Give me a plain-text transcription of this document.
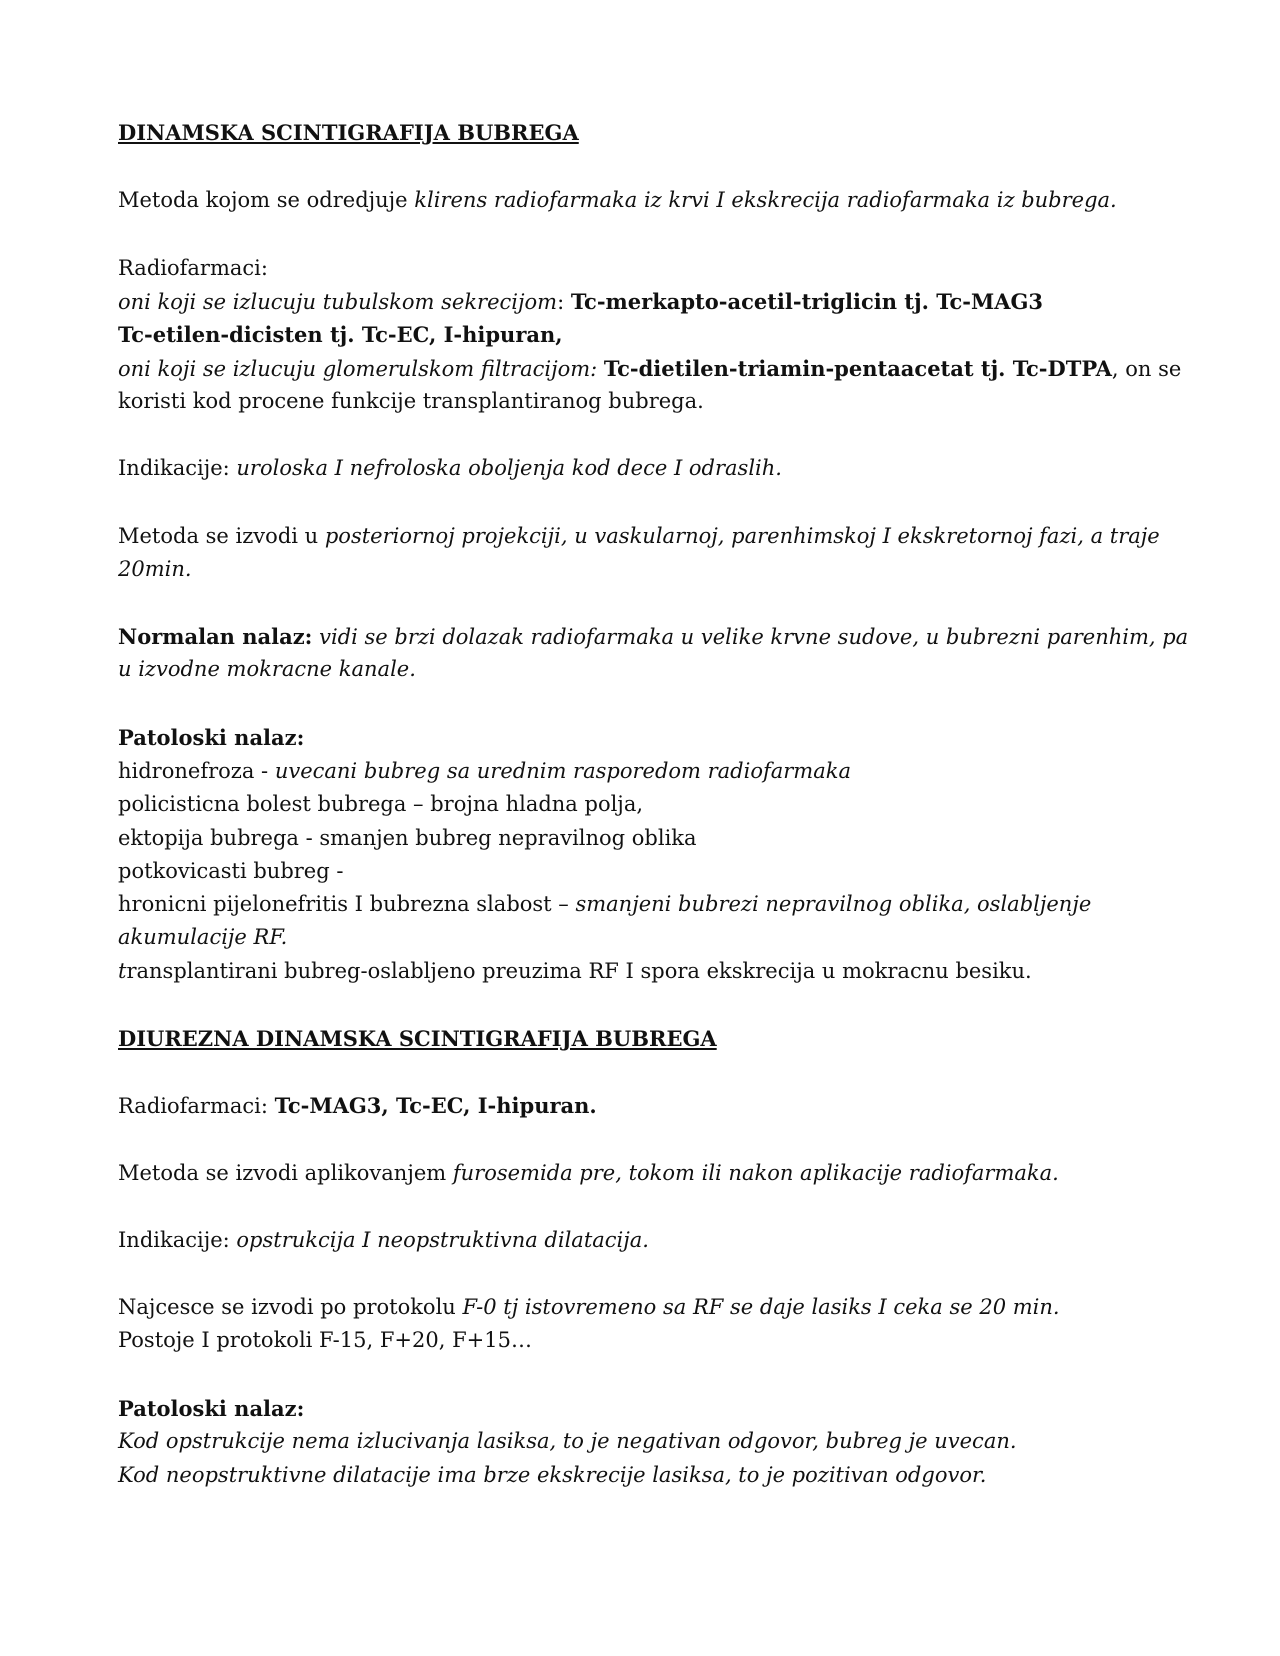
DINAMSKA SCINTIGRAFIJA BUBREGA
Metoda kojom se odredjuje klirens radiofarmaka iz krvi I ekskrecija radiofarmaka iz bubrega.
Radiofarmaci:
oni koji se izlucuju tubulskom sekrecijom: Tc-merkapto-acetil-triglicin tj. Tc-MAG3
Tc-etilen-dicisten tj. Tc-EC, I-hipuran,
oni koji se izlucuju glomerulskom filtracijom: Tc-dietilen-triamin-pentaacetat tj. Tc-DTPA, on se
koristi kod procene funkcije transplantiranog bubrega.
Indikacije: uroloska I nefroloska oboljenja kod dece I odraslih.
Metoda se izvodi u posteriornoj projekciji, u vaskularnoj, parenhimskoj I ekskretornoj fazi, a traje
20min.
Normalan nalaz: vidi se brzi dolazak radiofarmaka u velike krvne sudove, u bubrezni parenhim, pa
u izvodne mokracne kanale.
Patoloski nalaz:
hidronefroza - uvecani bubreg sa urednim rasporedom radiofarmaka
policisticna bolest bubrega – brojna hladna polja,
ektopija bubrega - smanjen bubreg nepravilnog oblika
potkovicasti bubreg -
hronicni pijelonefritis I bubrezna slabost – smanjeni bubrezi nepravilnog oblika, oslabljenje
akumulacije RF.
transplantirani bubreg-oslabljeno preuzima RF I spora ekskrecija u mokracnu besiku.
DIUREZNA DINAMSKA SCINTIGRAFIJA BUBREGA
Radiofarmaci: Tc-MAG3, Tc-EC, I-hipuran.
Metoda se izvodi aplikovanjem furosemida pre, tokom ili nakon aplikacije radiofarmaka.
Indikacije: opstrukcija I neopstruktivna dilatacija.
Najcesce se izvodi po protokolu F-0 tj istovremeno sa RF se daje lasiks I ceka se 20 min.
Postoje I protokoli F-15, F+20, F+15…
Patoloski nalaz:
Kod opstrukcije nema izlucivanja lasiksa, to je negativan odgovor, bubreg je uvecan.
Kod neopstruktivne dilatacije ima brze ekskrecije lasiksa, to je pozitivan odgovor.
